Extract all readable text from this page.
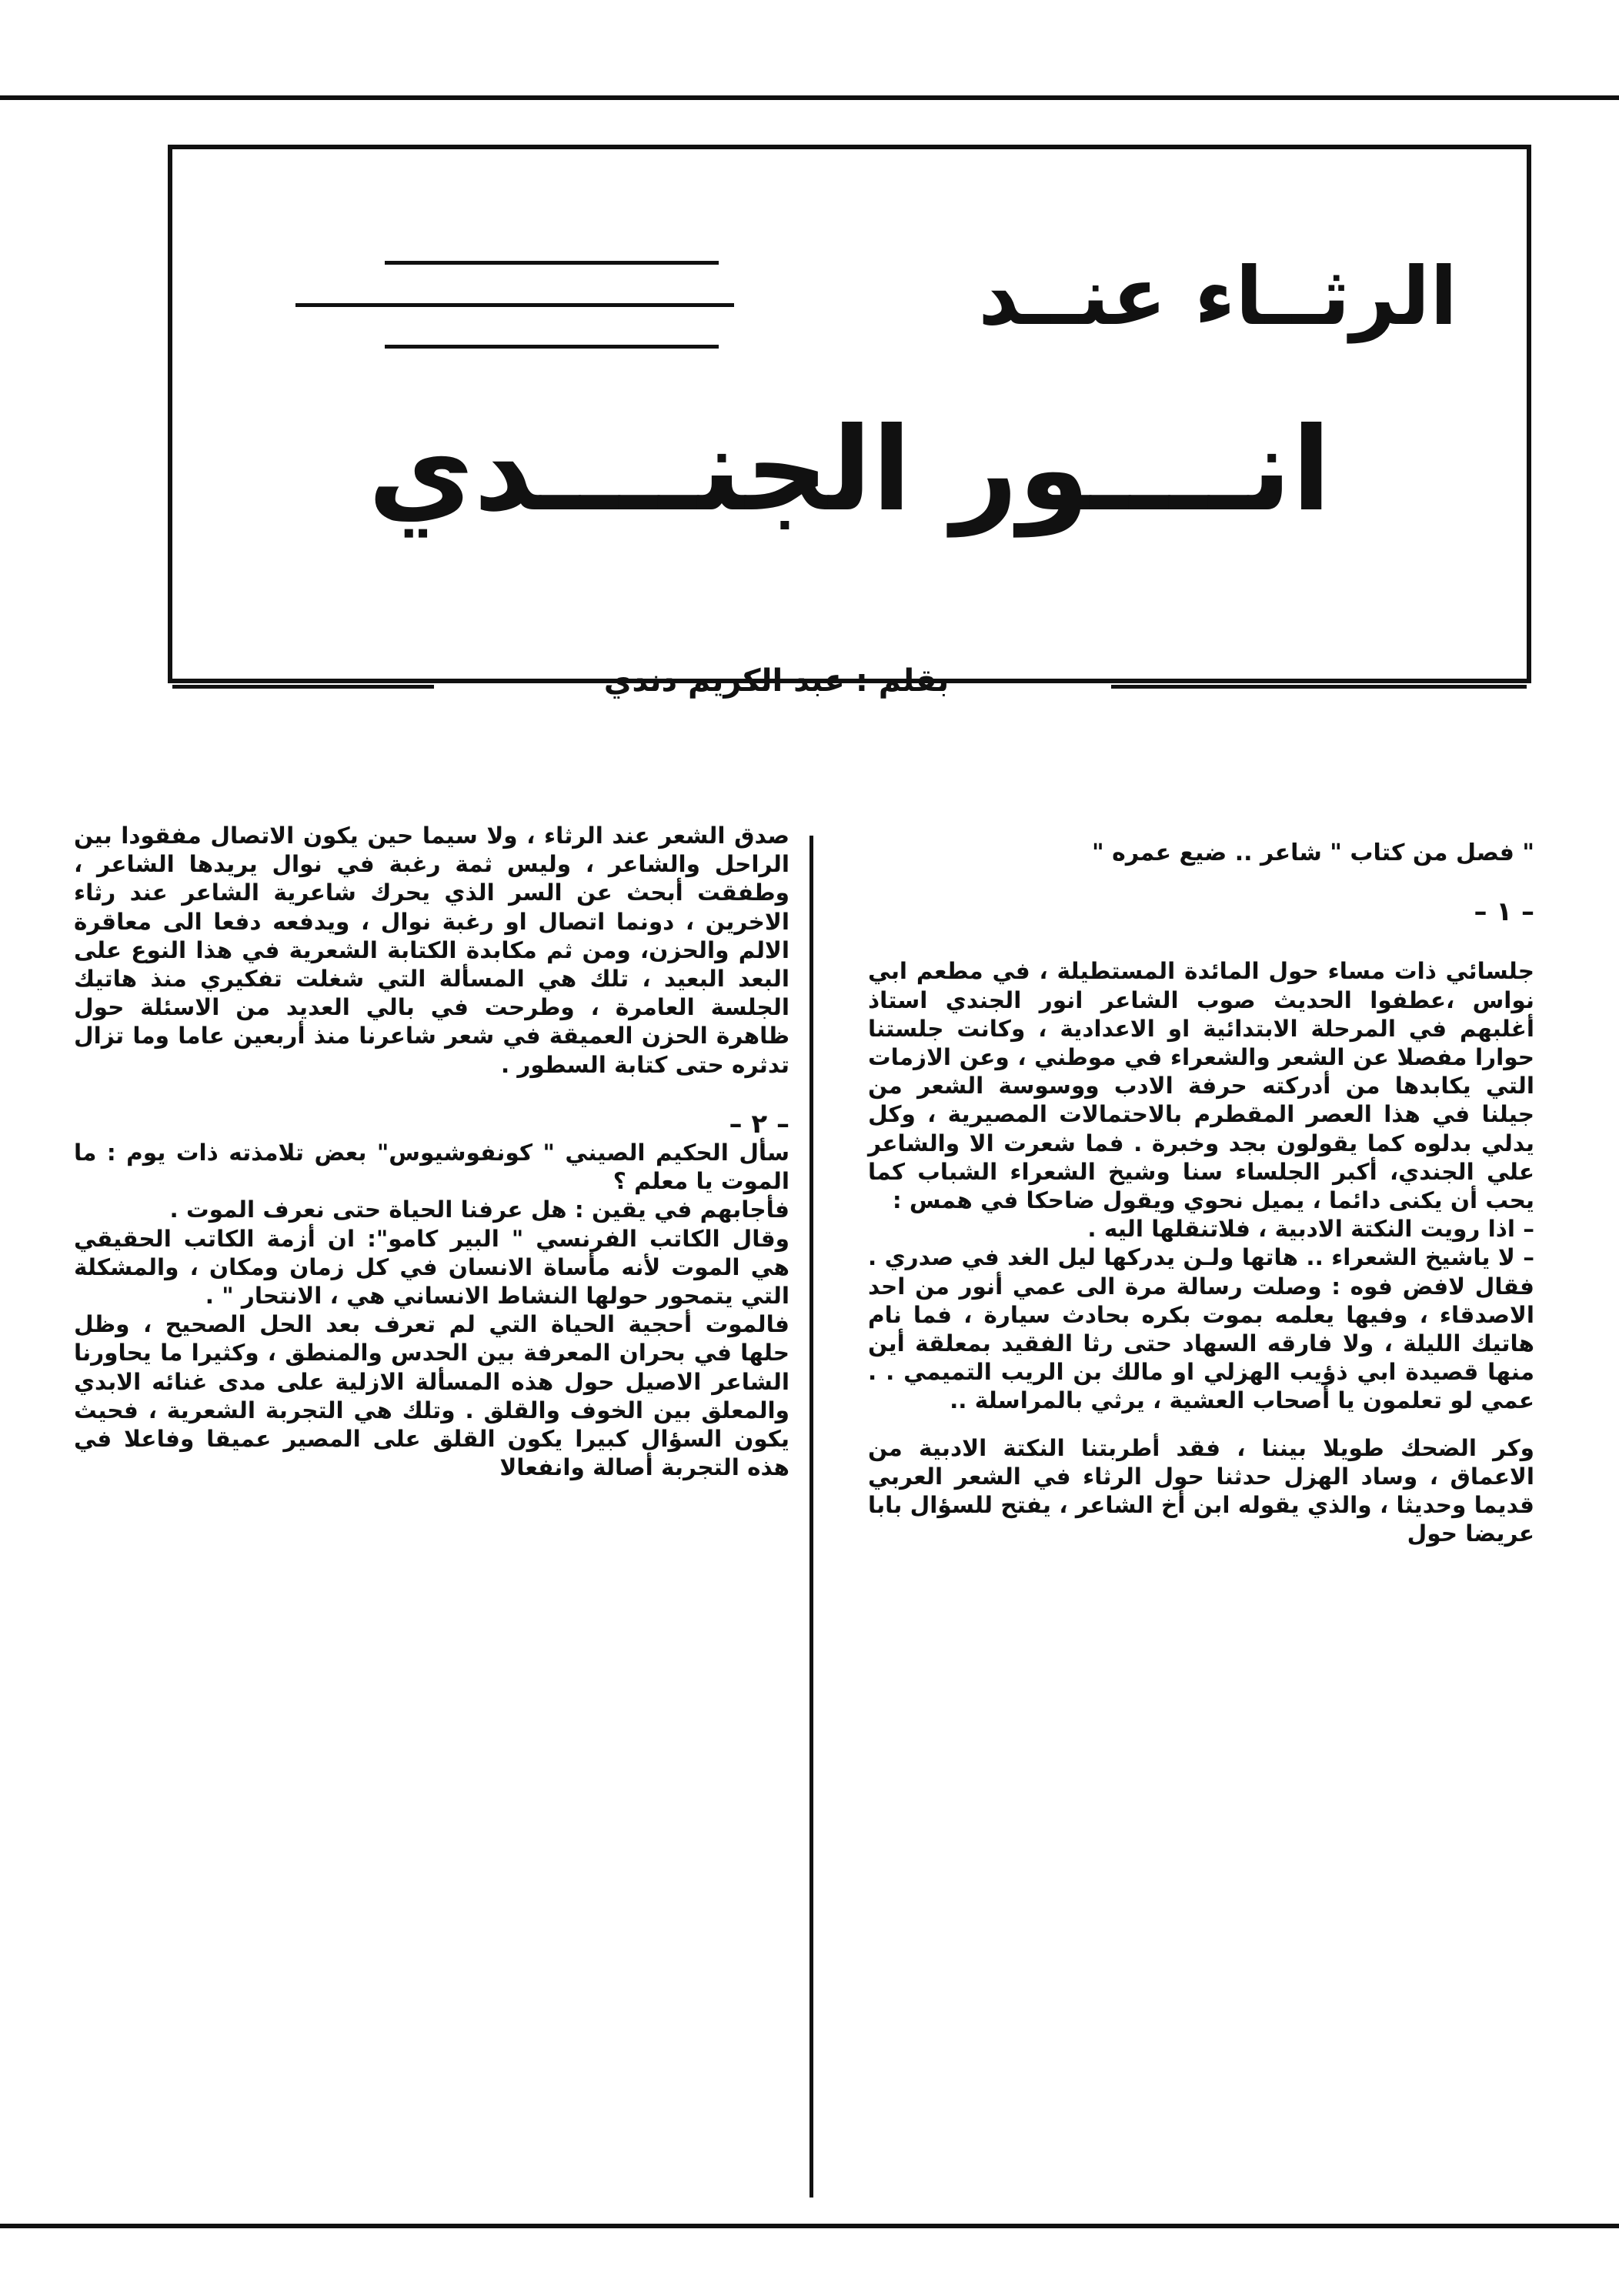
الرثــاء عنــد
انــــور الجنــــدي
بقلم : عبد الكريم دندي

" فصل من كتاب " شاعر .. ضيع عمره "

– ١ –

جلسائي ذات مساء حول المائدة المستطيلة ، في مطعم ابي نواس ،عطفوا الحديث صوب الشاعر انور الجندي استاذ أغلبهم في المرحلة الابتدائية او الاعدادية ، وكانت جلستنا حوارا مفصلا عن الشعر والشعراء في موطني ، وعن الازمات التي يكابدها من أدركته حرفة الادب ووسوسة الشعر من جيلنا في هذا العصر المقطرم بالاحتمالات المصيرية ، وكل يدلي بدلوه كما يقولون بجد وخبرة . فما شعرت الا والشاعر علي الجندي، أكبر الجلساء سنا وشيخ الشعراء الشباب كما يحب أن يكنى دائما ، يميل نحوي ويقول ضاحكا في همس :

– اذا رويت النكتة الادبية ، فلاتنقلها اليه .

– لا ياشيخ الشعراء .. هاتها ولـن يدركها ليل الغد في صدري . فقال لافض فوه : وصلت رسالة مرة الى عمي أنور من احد الاصدقاء ، وفيها يعلمه بموت بكره بحادث سيارة ، فما نام هاتيك الليلة ، ولا فارقه السهاد حتى رثا الفقيد بمعلقة أين منها قصيدة ابي ذؤيب الهزلي او مالك بن الريب التميمي . . عمي لو تعلمون يا أصحاب العشية ، يرثي بالمراسلة ..

وكر الضحك طويلا بيننا ، فقد أطربتنا النكتة الادبية من الاعماق ، وساد الهزل حدثنا حول الرثاء في الشعر العربي قديما وحديثا ، والذي يقوله ابن أخ الشاعر ، يفتح للسؤال بابا عريضا حول

صدق الشعر عند الرثاء ، ولا سيما حين يكون الاتصال مفقودا بين الراحل والشاعر ، وليس ثمة رغبة في نوال يريدها الشاعر ، وطفقت أبحث عن السر الذي يحرك شاعرية الشاعر عند رثاء الاخرين ، دونما اتصال او رغبة نوال ، ويدفعه دفعا الى معاقرة الالم والحزن، ومن ثم مكابدة الكتابة الشعرية في هذا النوع على البعد البعيد ، تلك هي المسألة التي شغلت تفكيري منذ هاتيك الجلسة العامرة ، وطرحت في بالي العديد من الاسئلة حول ظاهرة الحزن العميقة في شعر شاعرنا منذ أربعين عاما وما تزال تدثره حتى كتابة السطور .

– ٢ –

سأل الحكيم الصيني " كونفوشيوس" بعض تلامذته ذات يوم : ما الموت يا معلم ؟

فأجابهم في يقين : هل عرفنا الحياة حتى نعرف الموت .

وقال الكاتب الفرنسي " البير كامو": ان أزمة الكاتب الحقيقي هي الموت لأنه مأساة الانسان في كل زمان ومكان ، والمشكلة التي يتمحور حولها النشاط الانساني هي ، الانتحار " .

فالموت أحجية الحياة التي لم تعرف بعد الحل الصحيح ، وظل حلها في بحران المعرفة بين الحدس والمنطق ، وكثيرا ما يحاورنا الشاعر الاصيل حول هذه المسألة الازلية على مدى غنائه الابدي والمعلق بين الخوف والقلق . وتلك هي التجربة الشعرية ، فحيث يكون السؤال كبيرا يكون القلق على المصير عميقا وفاعلا في هذه التجربة أصالة وانفعالا
